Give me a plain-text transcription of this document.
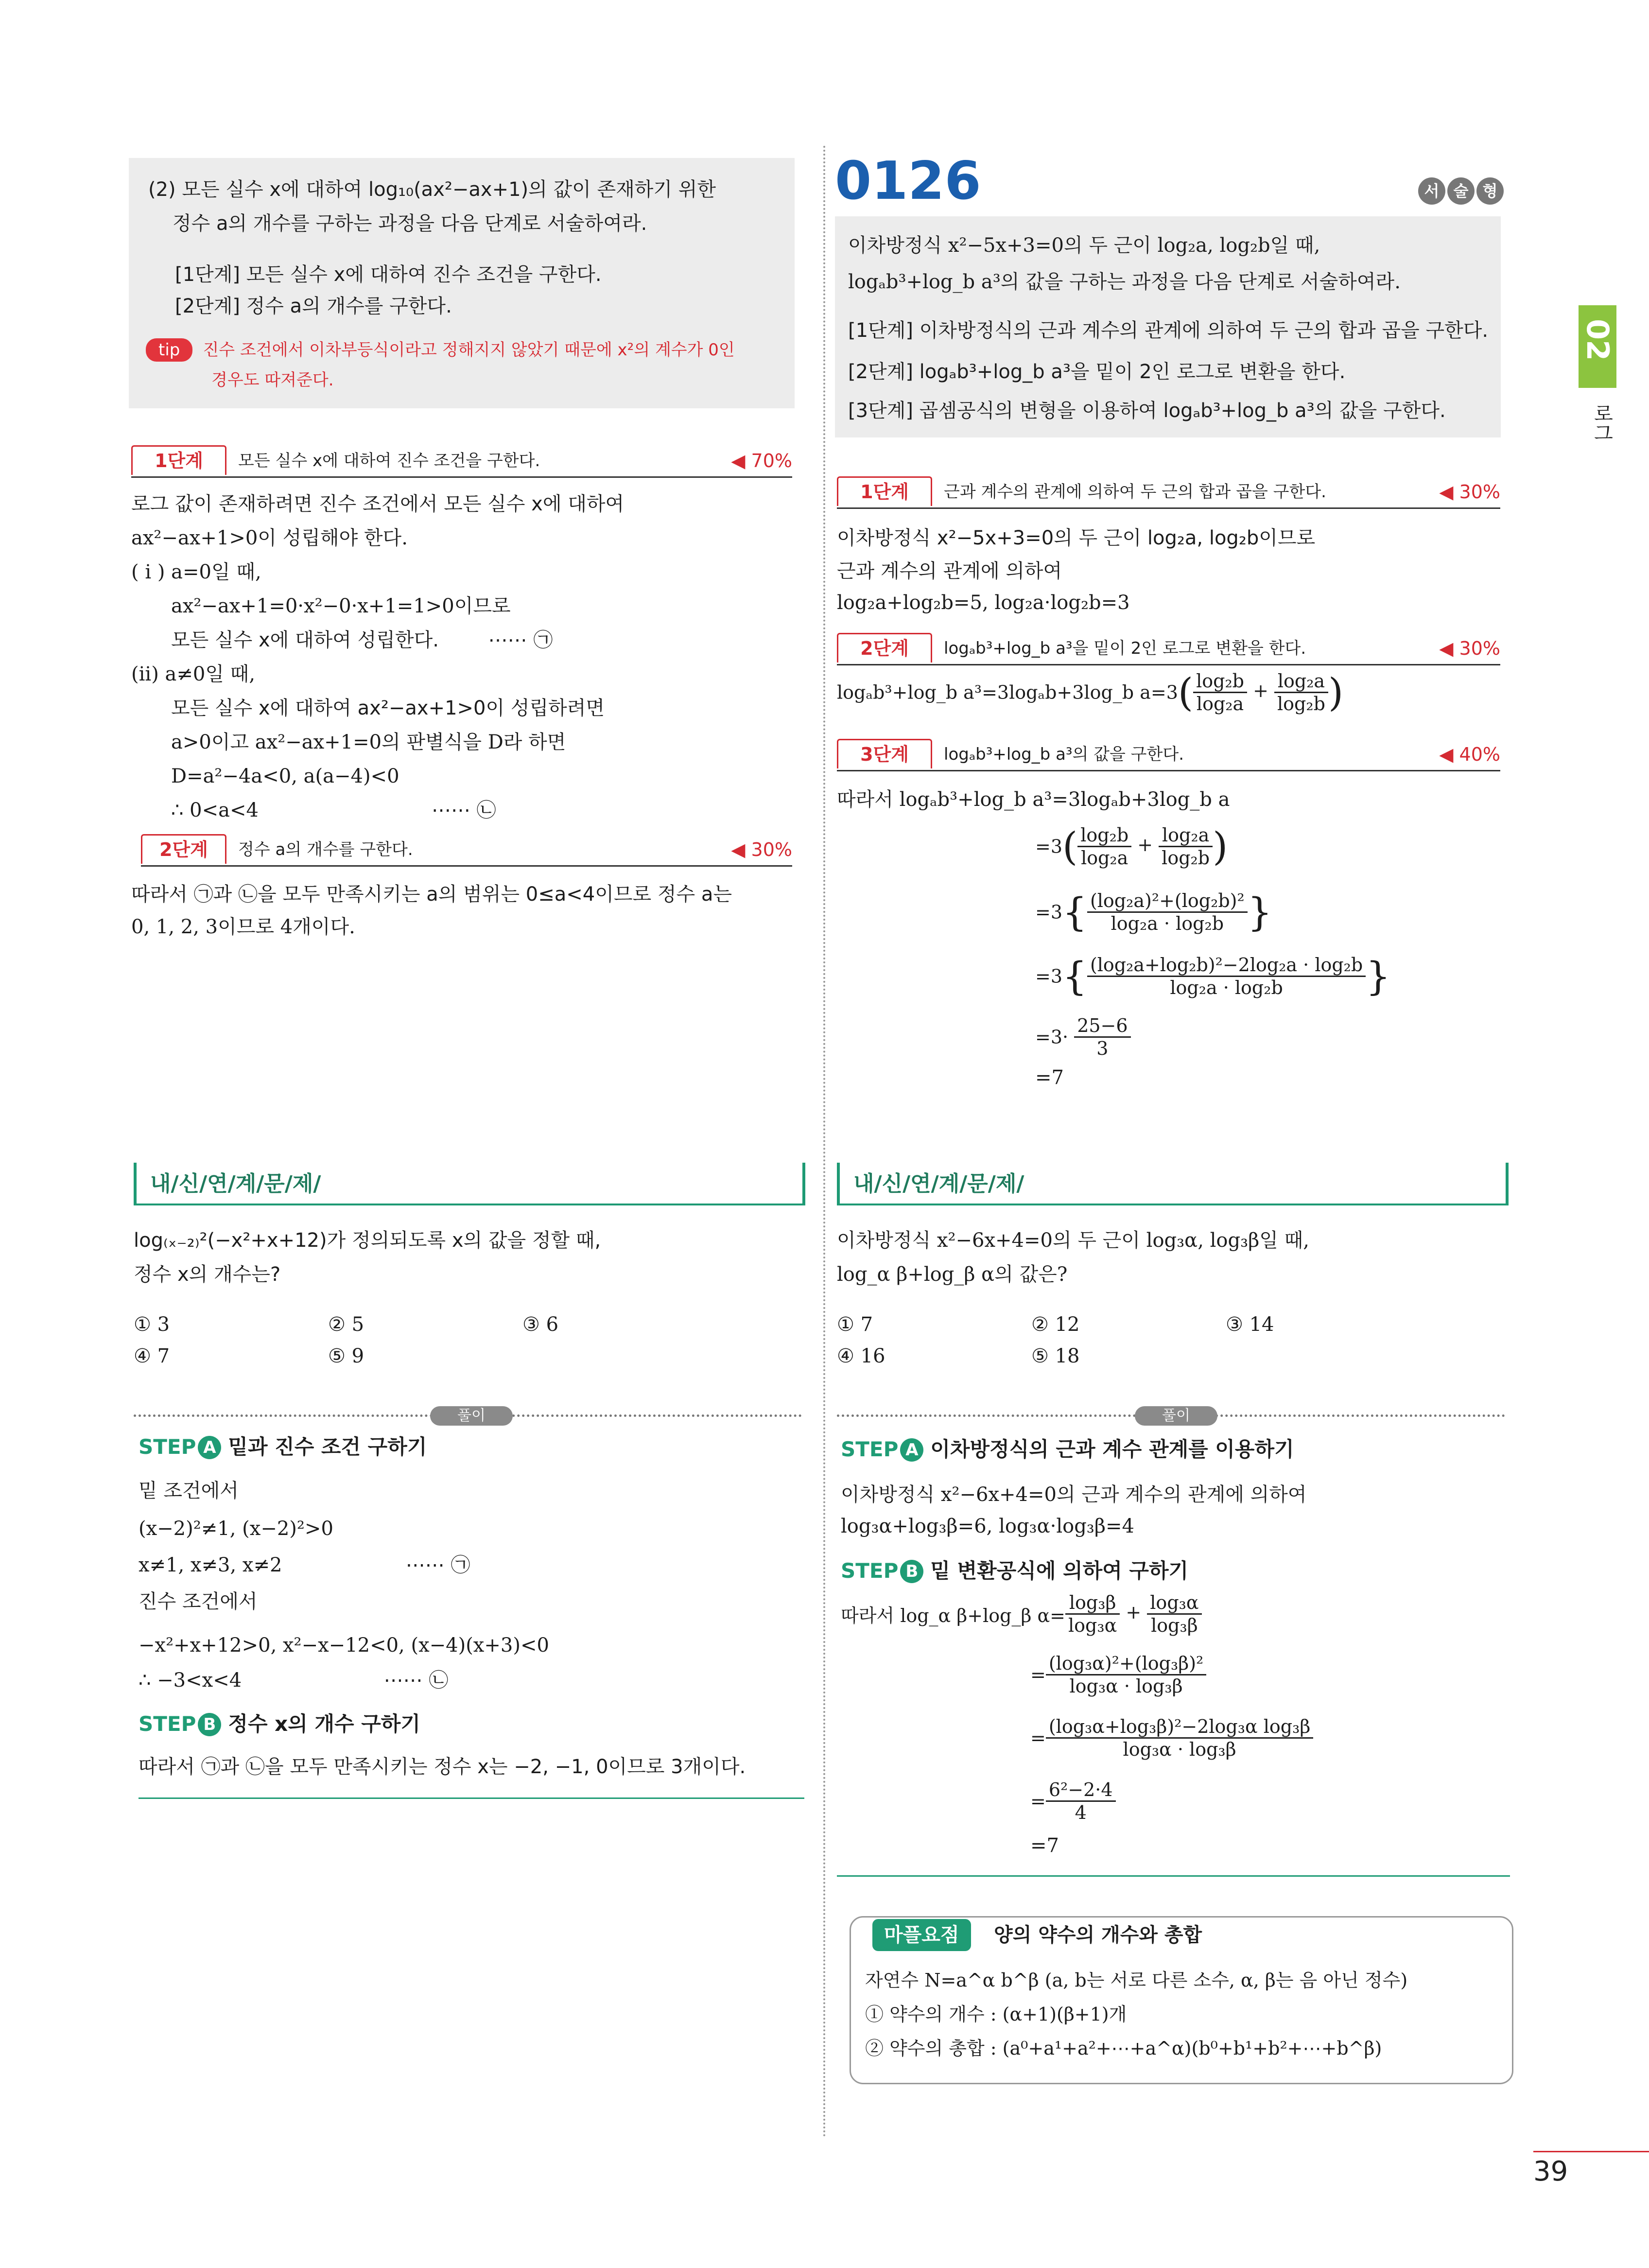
(2) 모든 실수 x에 대하여 log₁₀(ax²−ax+1)의 값이 존재하기 위한
정수 a의 개수를 구하는 과정을 다음 단계로 서술하여라.
[1단계] 모든 실수 x에 대하여 진수 조건을 구한다.
[2단계] 정수 a의 개수를 구한다.
tip 진수 조건에서 이차부등식이라고 정해지지 않았기 때문에 x²의 계수가 0인
경우도 따져준다.
1단계	모든 실수 x에 대하여 진수 조건을 구한다.	◀ 70%
로그 값이 존재하려면 진수 조건에서 모든 실수 x에 대하여
ax²−ax+1>0이 성립해야 한다.
( i ) a=0일 때,
ax²−ax+1=0·x²−0·x+1=1>0이므로
모든 실수 x에 대하여 성립한다.        ⋯⋯ ㉠
(ii) a≠0일 때,
모든 실수 x에 대하여 ax²−ax+1>0이 성립하려면
a>0이고 ax²−ax+1=0의 판별식을 D라 하면
D=a²−4a<0, a(a−4)<0
∴ 0<a<4                            ⋯⋯ ㉡
2단계	정수 a의 개수를 구한다.	◀ 30%
따라서 ㉠과 ㉡을 모두 만족시키는 a의 범위는 0≤a<4이므로 정수 a는
0, 1, 2, 3이므로 4개이다.
내/신/연/계/문/제/
log₍ₓ₋₂₎²(−x²+x+12)가 정의되도록 x의 값을 정할 때,
정수 x의 개수는?
① 3	② 5	③ 6
④ 7	⑤ 9
풀이
STEP A 밑과 진수 조건 구하기
밑 조건에서
(x−2)²≠1, (x−2)²>0
x≠1, x≠3, x≠2                    ⋯⋯ ㉠
진수 조건에서
−x²+x+12>0, x²−x−12<0, (x−4)(x+3)<0
∴ −3<x<4                       ⋯⋯ ㉡
STEP B 정수 x의 개수 구하기
따라서 ㉠과 ㉡을 모두 만족시키는 정수 x는 −2, −1, 0이므로 3개이다.
0126	서 술 형
이차방정식 x²−5x+3=0의 두 근이 log₂a, log₂b일 때,
logₐb³+log_b a³의 값을 구하는 과정을 다음 단계로 서술하여라.
[1단계] 이차방정식의 근과 계수의 관계에 의하여 두 근의 합과 곱을 구한다.
[2단계] logₐb³+log_b a³을 밑이 2인 로그로 변환을 한다.
[3단계] 곱셈공식의 변형을 이용하여 logₐb³+log_b a³의 값을 구한다.
1단계	근과 계수의 관계에 의하여 두 근의 합과 곱을 구한다.	◀ 30%
이차방정식 x²−5x+3=0의 두 근이 log₂a, log₂b이므로
근과 계수의 관계에 의하여
log₂a+log₂b=5, log₂a·log₂b=3
2단계	logₐb³+log_b a³을 밑이 2인 로그로 변환을 한다.	◀ 30%
logₐb³+log_b a³=3logₐb+3log_b $a=3( \frac{\text{log₂b}}{\text{log₂a}} + \frac{\text{log₂a}}{\text{log₂b}}$ )
3단계	logₐb³+log_b a³의 값을 구한다.	◀ 40%
따라서 logₐb³+log_b a³=3logₐb+3log_b a
$=3( \frac{\text{log₂b}}{\text{log₂a}} + \frac{\text{log₂a}}{\text{log₂b}}$ )
$=3\{ \frac{\text{(log₂a)²+(log₂b)²}}{\text{log₂a · log₂b}}$ }
$=3\{ \frac{\text{(log₂a+log₂b)²−2log₂a · log₂b}}{\text{log₂a · log₂b}}$ }
$=3\cdot \frac{25-6}{3}$
=7
내/신/연/계/문/제/
이차방정식 x²−6x+4=0의 두 근이 log₃α, log₃β일 때,
log_α β+log_β α의 값은?
① 7	② 12	③ 14
④ 16	⑤ 18
풀이
STEP A 이차방정식의 근과 계수 관계를 이용하기
이차방정식 x²−6x+4=0의 근과 계수의 관계에 의하여
log₃α+log₃β=6, log₃α·log₃β=4
STEP B 밑 변환공식에 의하여 구하기
따라서 log_α β+log_β $\alpha= \frac{\text{log₃β}}{\text{log₃α}} + \frac{\text{log₃α}}{\text{log₃β}}$
= $\frac{\text{(log₃α)²+(log₃β)²}}{\text{log₃α · log₃β}}$
= $\frac{\text{(log₃α+log₃β)²−2log₃α log₃β}}{\text{log₃α · log₃β}}$
= $\frac{\text{6²−2·4}}{4}$
=7
마플요점	양의 약수의 개수와 총합
자연수 N=a^α b^β (a, b는 서로 다른 소수, α, β는 음 아닌 정수)
① 약수의 개수 : (α+1)(β+1)개
② 약수의 총합 : (a⁰+a¹+a²+⋯+a^α)(b⁰+b¹+b²+⋯+b^β)
02
로그
39
